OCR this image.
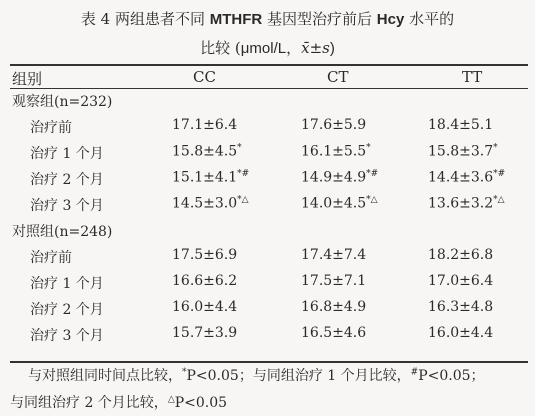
表 4 两组患者不同 MTHFR 基因型治疗前后 Hcy 水平的
比较 (μmol/L，x̄±s)
组别	CC	CT	TT
观察组(n=232)
治疗前	17.1±6.4	17.6±5.9	18.4±5.1
治疗 1 个月	15.8±4.5*	16.1±5.5*	15.8±3.7*
治疗 2 个月	15.1±4.1*#	14.9±4.9*#	14.4±3.6*#
治疗 3 个月	14.5±3.0*△	14.0±4.5*△	13.6±3.2*△
对照组(n=248)
治疗前	17.5±6.9	17.4±7.4	18.2±6.8
治疗 1 个月	16.6±6.2	17.5±7.1	17.0±6.4
治疗 2 个月	16.0±4.4	16.8±4.9	16.3±4.8
治疗 3 个月	15.7±3.9	16.5±4.6	16.0±4.4
与对照组同时间点比较，*P<0.05；与同组治疗 1 个月比较，#P<0.05；
与同组治疗 2 个月比较，△P<0.05
